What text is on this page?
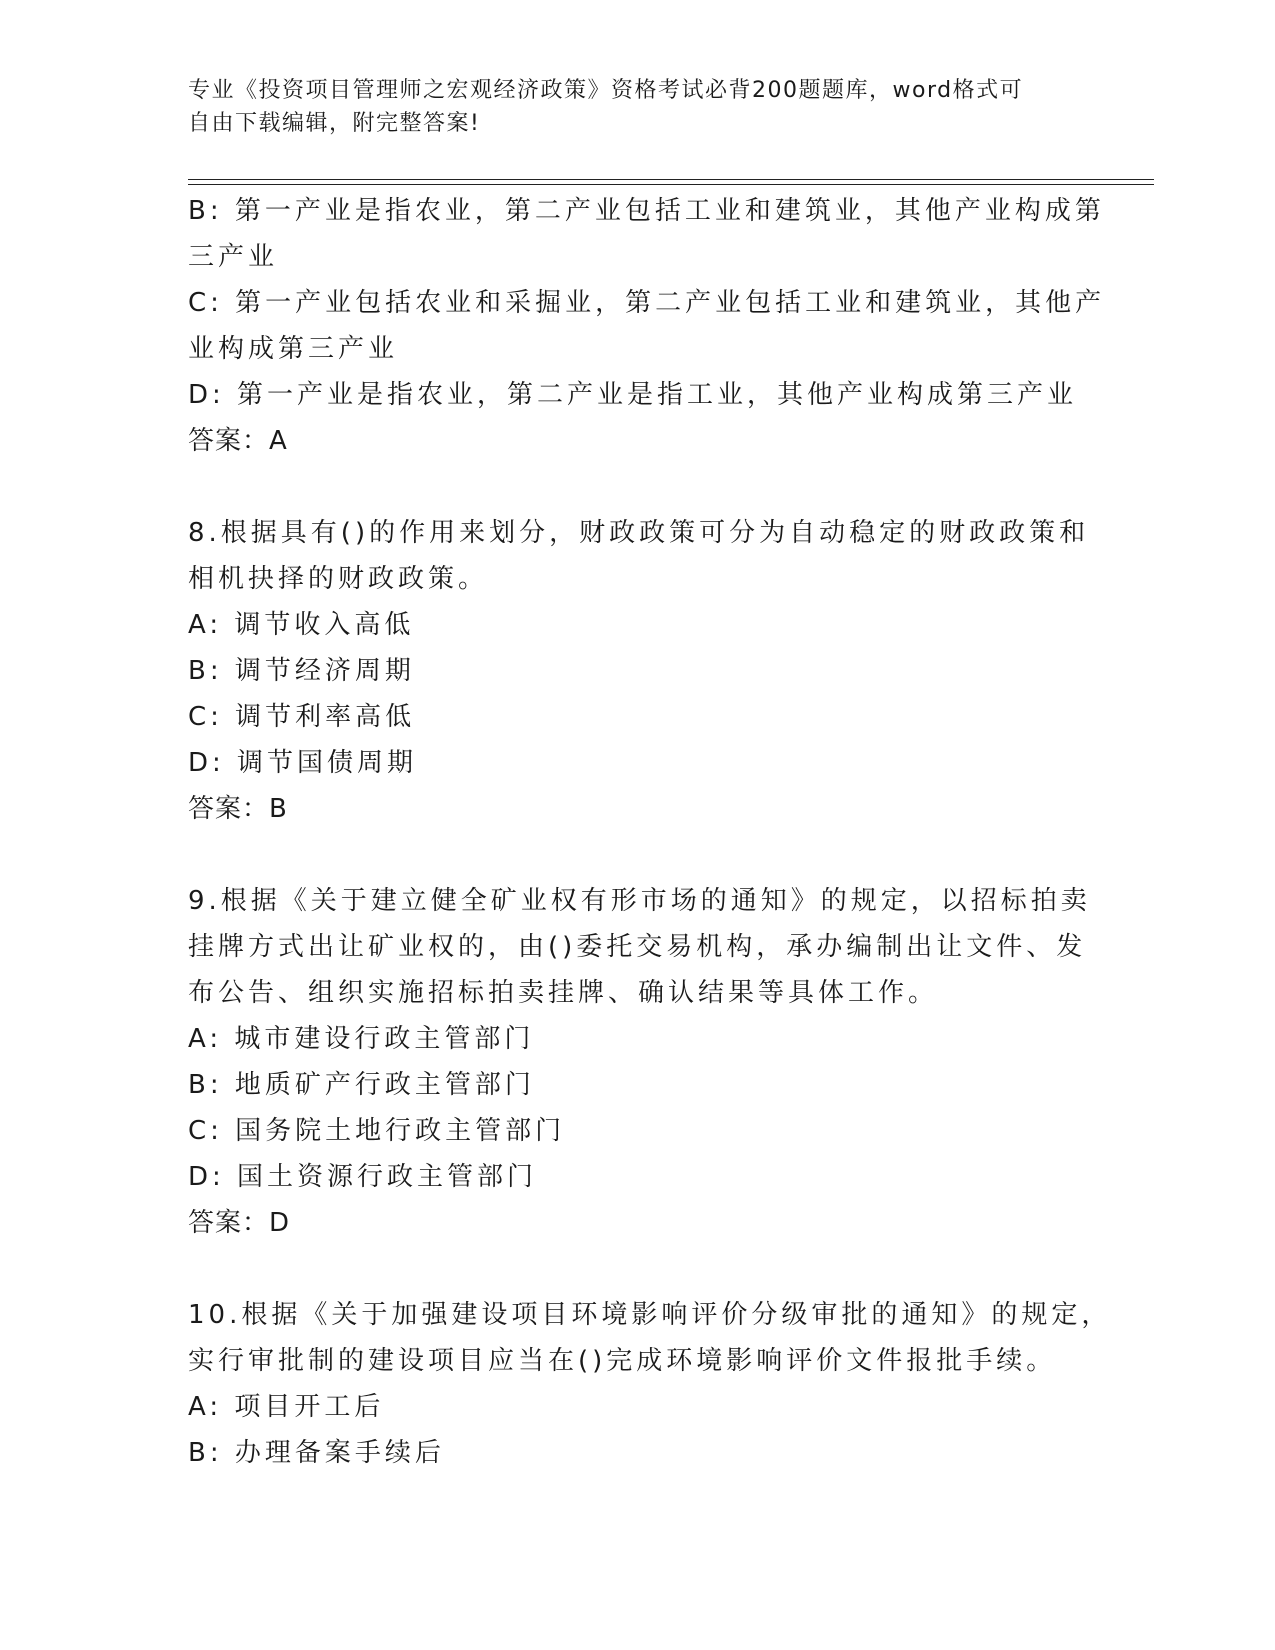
专业《投资项目管理师之宏观经济政策》资格考试必背200题题库，word格式可
自由下载编辑，附完整答案!
B: 第一产业是指农业，第二产业包括工业和建筑业，其他产业构成第
三产业
C: 第一产业包括农业和采掘业，第二产业包括工业和建筑业，其他产
业构成第三产业
D: 第一产业是指农业，第二产业是指工业，其他产业构成第三产业
答案：A
8.根据具有()的作用来划分，财政政策可分为自动稳定的财政政策和
相机抉择的财政政策。
A: 调节收入高低
B: 调节经济周期
C: 调节利率高低
D: 调节国债周期
答案：B
9.根据《关于建立健全矿业权有形市场的通知》的规定，以招标拍卖
挂牌方式出让矿业权的，由()委托交易机构，承办编制出让文件、发
布公告、组织实施招标拍卖挂牌、确认结果等具体工作。
A: 城市建设行政主管部门
B: 地质矿产行政主管部门
C: 国务院土地行政主管部门
D: 国土资源行政主管部门
答案：D
10.根据《关于加强建设项目环境影响评价分级审批的通知》的规定，
实行审批制的建设项目应当在()完成环境影响评价文件报批手续。
A: 项目开工后
B: 办理备案手续后
